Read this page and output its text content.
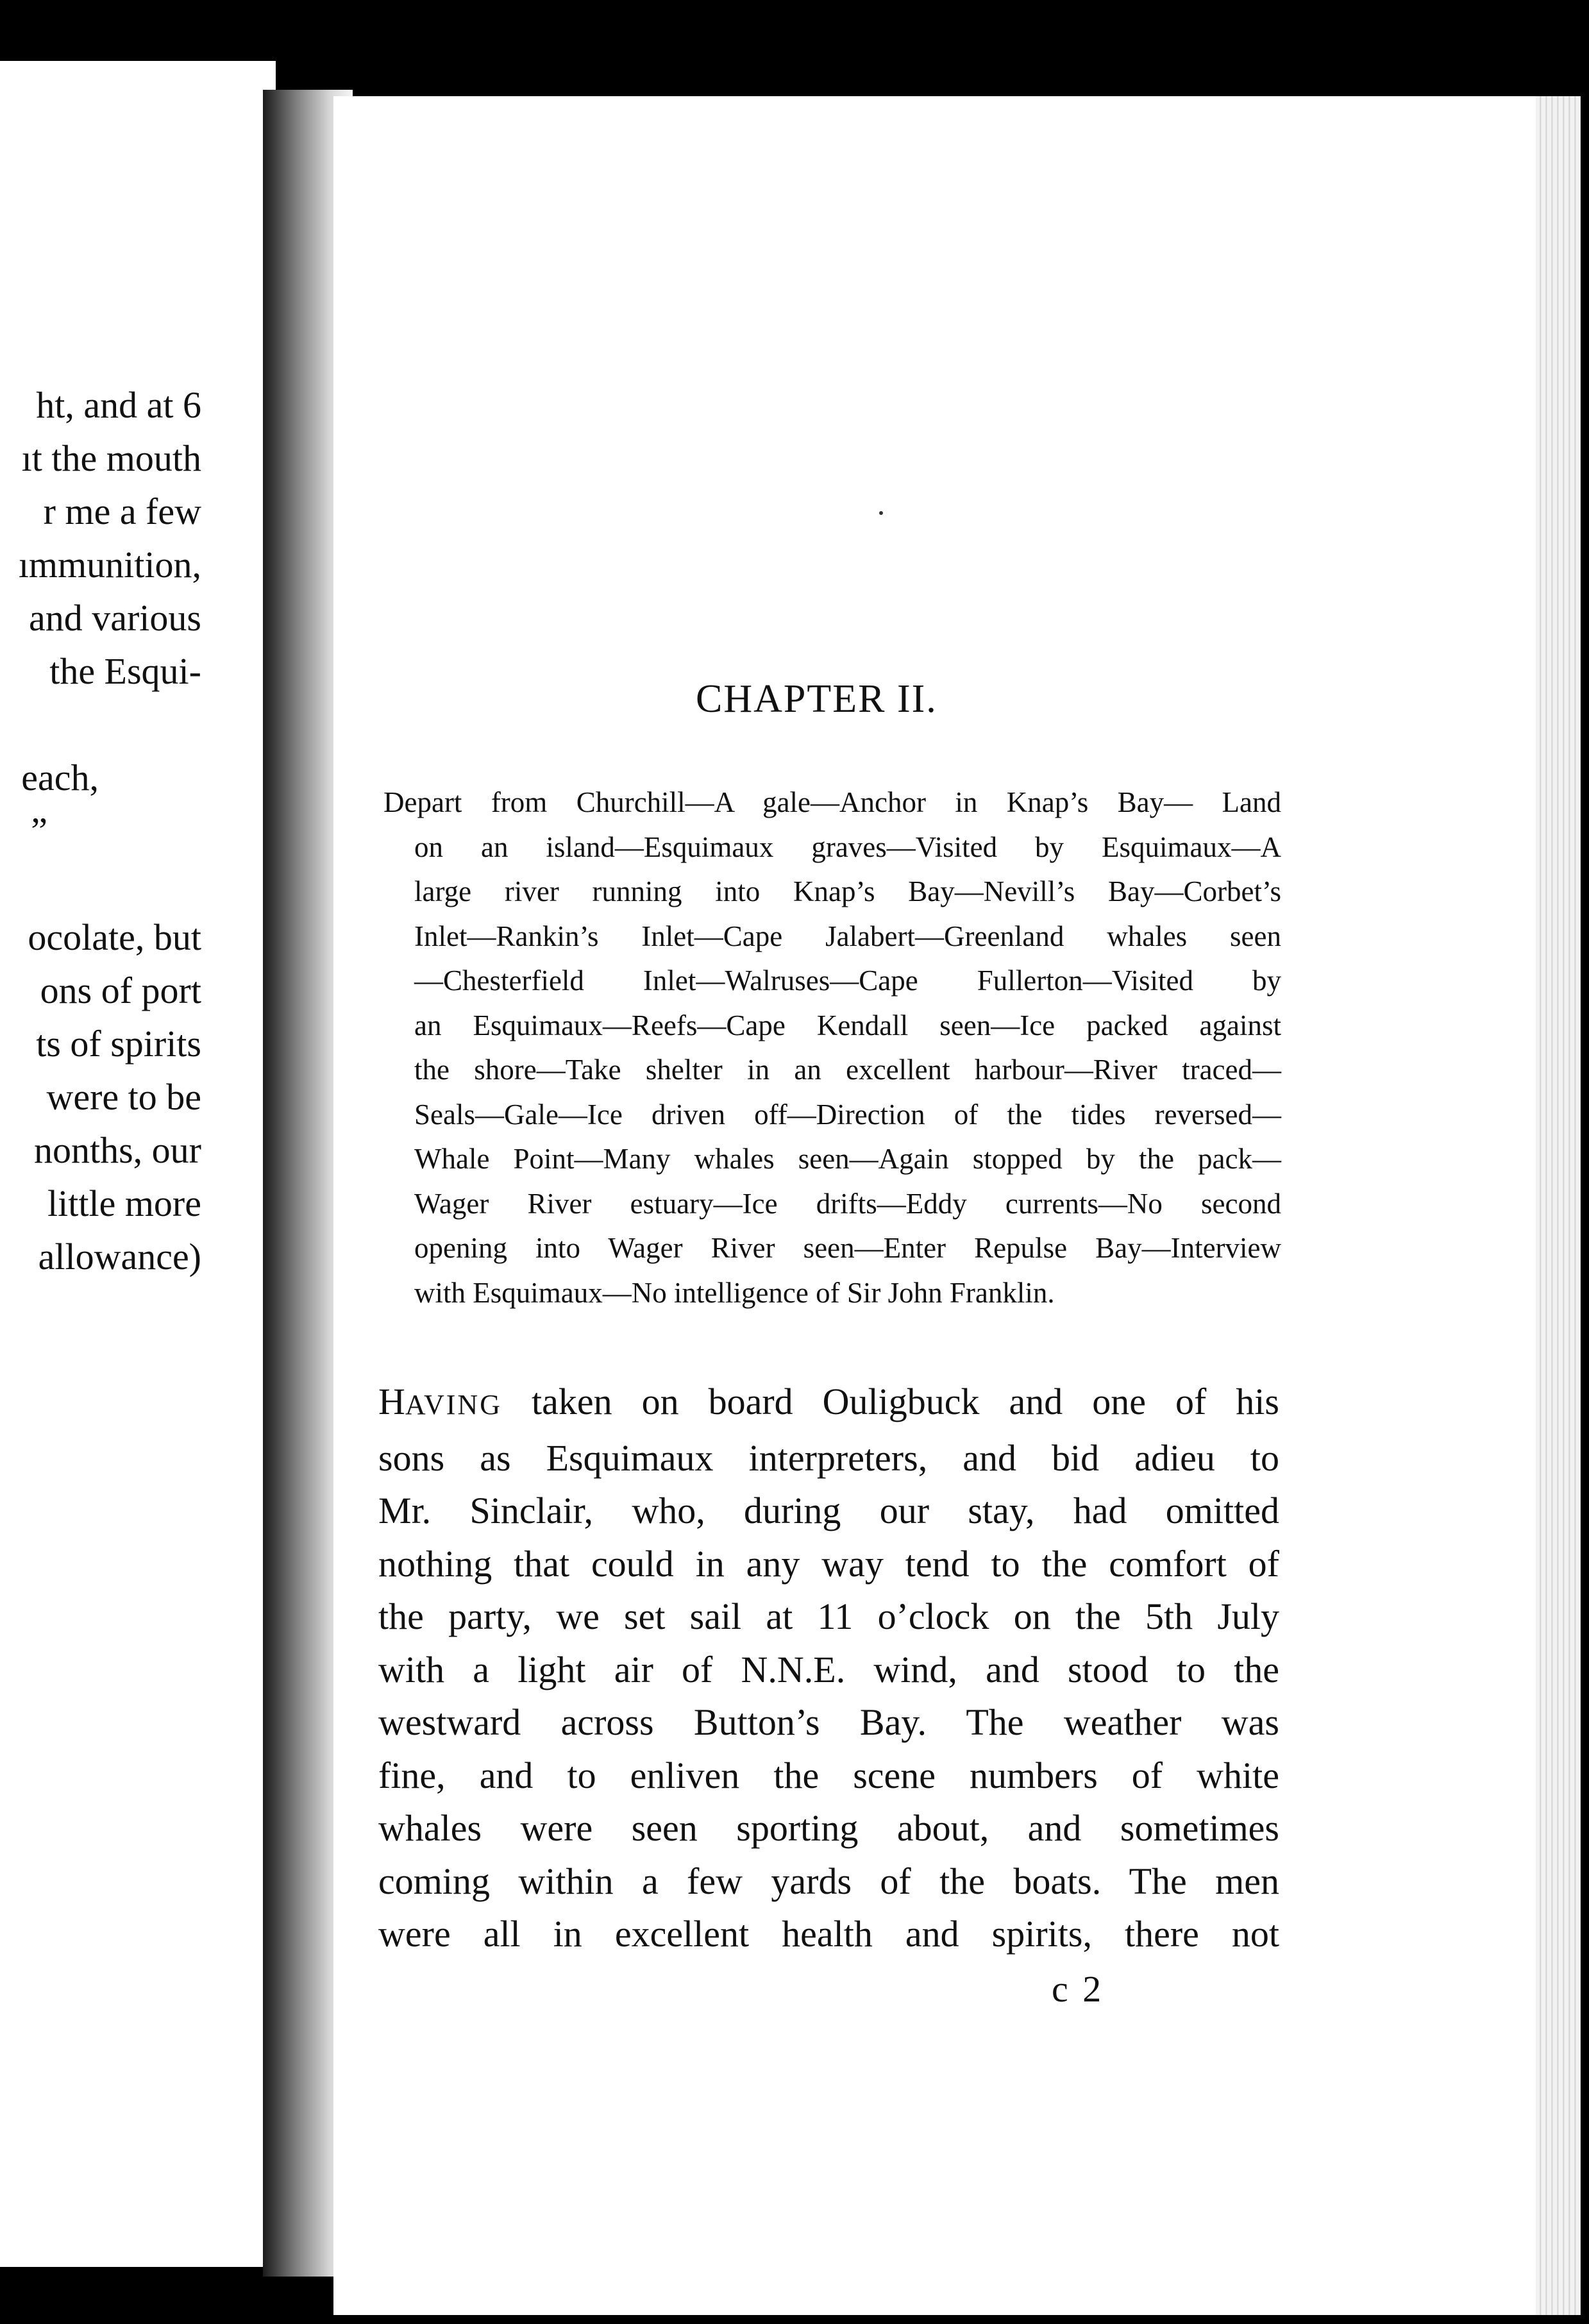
ht, and at 6
ıt the mouth
r me a few
ımmunition,
and various
the Esqui-
each,
”
ocolate, but
ons of port
ts of spirits
were to be
nonths, our
little more
allowance)
CHAPTER II.
Depart from Churchill—A gale—Anchor in Knap’s Bay— Land
on an island—Esquimaux graves—Visited by Esquimaux—A
large river running into Knap’s Bay—Nevill’s Bay—Corbet’s
Inlet—Rankin’s Inlet—Cape Jalabert—Greenland whales seen
—Chesterfield Inlet—Walruses—Cape Fullerton—Visited by
an Esquimaux—Reefs—Cape Kendall seen—Ice packed against
the shore—Take shelter in an excellent harbour—River traced—
Seals—Gale—Ice driven off—Direction of the tides reversed—
Whale Point—Many whales seen—Again stopped by the pack—
Wager River estuary—Ice drifts—Eddy currents—No second
opening into Wager River seen—Enter Repulse Bay—Interview
with Esquimaux—No intelligence of Sir John Franklin.
HAVING taken on board Ouligbuck and one of his
sons as Esquimaux interpreters, and bid adieu to
Mr. Sinclair, who, during our stay, had omitted
nothing that could in any way tend to the comfort of
the party, we set sail at 11 o’clock on the 5th July
with a light air of N.N.E. wind, and stood to the
westward across Button’s Bay. The weather was
fine, and to enliven the scene numbers of white
whales were seen sporting about, and sometimes
coming within a few yards of the boats. The men
were all in excellent health and spirits, there not
c 2
